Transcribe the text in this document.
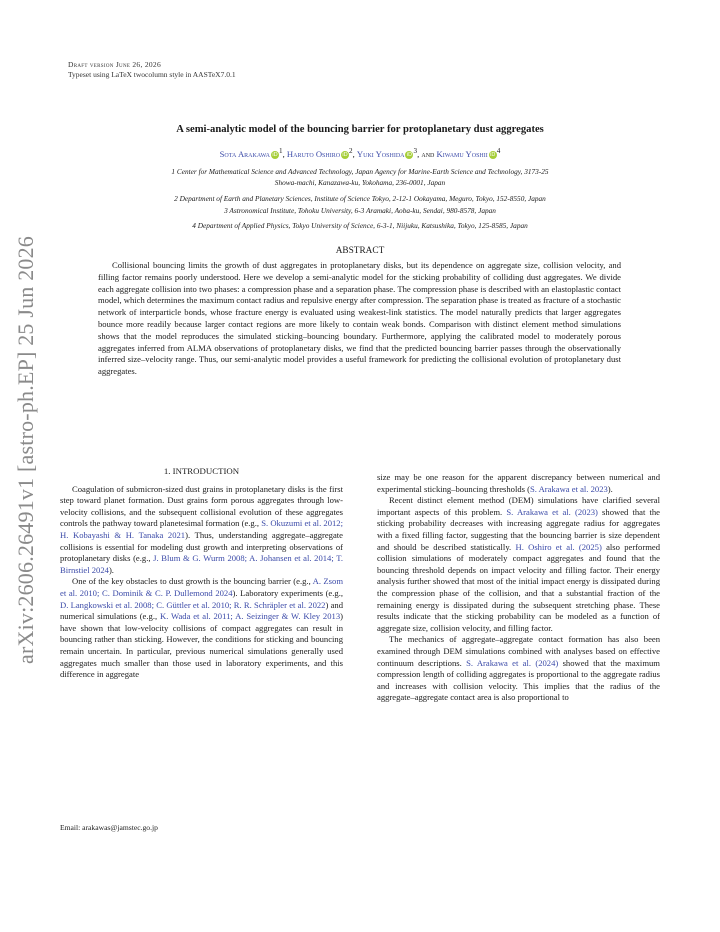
arXiv:2606.26491v1 [astro-ph.EP] 25 Jun 2026
Draft version June 26, 2026
Typeset using LaTeX twocolumn style in AASTeX7.0.1
A semi-analytic model of the bouncing barrier for protoplanetary dust aggregates
Sota Arakawa $iD^1$, Haruto Oshiro $iD^2$, Yuki Yoshida $iD^3$, and Kiwamu Yoshii $iD^4$
1 Center for Mathematical Science and Advanced Technology, Japan Agency for Marine-Earth Science and Technology, 3173-25
Showa-machi, Kanazawa-ku, Yokohama, 236-0001, Japan
2 Department of Earth and Planetary Sciences, Institute of Science Tokyo, 2-12-1 Ookayama, Meguro, Tokyo, 152-8550, Japan
3 Astronomical Institute, Tohoku University, 6-3 Aramaki, Aoba-ku, Sendai, 980-8578, Japan
4 Department of Applied Physics, Tokyo University of Science, 6-3-1, Niijuku, Katsushika, Tokyo, 125-8585, Japan
ABSTRACT
Collisional bouncing limits the growth of dust aggregates in protoplanetary disks, but its dependence on aggregate size, collision velocity, and filling factor remains poorly understood. Here we develop a semi-analytic model for the sticking probability of colliding dust aggregates. We divide each aggregate collision into two phases: a compression phase and a separation phase. The compression phase is described with an elastoplastic contact model, which determines the maximum contact radius and repulsive energy after compression. The separation phase is treated as fracture of a stochastic network of interparticle bonds, whose fracture energy is evaluated using weakest-link statistics. The model naturally predicts that larger aggregates bounce more readily because larger contact regions are more likely to contain weak bonds. Comparison with distinct element method simulations shows that the model reproduces the simulated sticking–bouncing boundary. Furthermore, applying the calibrated model to moderately porous aggregates inferred from ALMA observations of protoplanetary disks, we find that the predicted bouncing barrier passes through the observationally inferred size–velocity range. Thus, our semi-analytic model provides a useful framework for predicting the collisional evolution of protoplanetary dust aggregates.
1. INTRODUCTION

Coagulation of submicron-sized dust grains in protoplanetary disks is the first step toward planet formation. Dust grains form porous aggregates through low-velocity collisions, and the subsequent collisional evolution of these aggregates controls the pathway toward planetesimal formation (e.g., S. Okuzumi et al. 2012; H. Kobayashi & H. Tanaka 2021). Thus, understanding aggregate–aggregate collisions is essential for modeling dust growth and interpreting observations of protoplanetary disks (e.g., J. Blum & G. Wurm 2008; A. Johansen et al. 2014; T. Birnstiel 2024).

One of the key obstacles to dust growth is the bouncing barrier (e.g., A. Zsom et al. 2010; C. Dominik & C. P. Dullemond 2024). Laboratory experiments (e.g., D. Langkowski et al. 2008; C. Güttler et al. 2010; R. R. Schräpler et al. 2022) and numerical simulations (e.g., K. Wada et al. 2011; A. Seizinger & W. Kley 2013) have shown that low-velocity collisions of compact aggregates can result in bouncing rather than sticking. However, the conditions for sticking and bouncing remain uncertain. In particular, previous numerical simulations generally used aggregates much smaller than those used in laboratory experiments, and this difference in aggregate

size may be one reason for the apparent discrepancy between numerical and experimental sticking–bouncing thresholds (S. Arakawa et al. 2023).

Recent distinct element method (DEM) simulations have clarified several important aspects of this problem. S. Arakawa et al. (2023) showed that the sticking probability decreases with increasing aggregate radius for aggregates with a fixed filling factor, suggesting that the bouncing barrier is size dependent and should be described statistically. H. Oshiro et al. (2025) also performed collision simulations of moderately compact aggregates and found that the bouncing threshold depends on impact velocity and filling factor. Their energy analysis further showed that most of the initial impact energy is dissipated during the compression phase of the collision, and that a substantial fraction of the remaining energy is dissipated during the subsequent stretching phase. These results indicate that the sticking probability can be modeled as a function of aggregate size, collision velocity, and filling factor.

The mechanics of aggregate–aggregate contact formation has also been examined through DEM simulations combined with analyses based on effective continuum descriptions. S. Arakawa et al. (2024) showed that the maximum compression length of colliding aggregates is proportional to the aggregate radius and increases with collision velocity. This implies that the radius of the aggregate–aggregate contact area is also proportional to

Email: arakawas@jamstec.go.jp
